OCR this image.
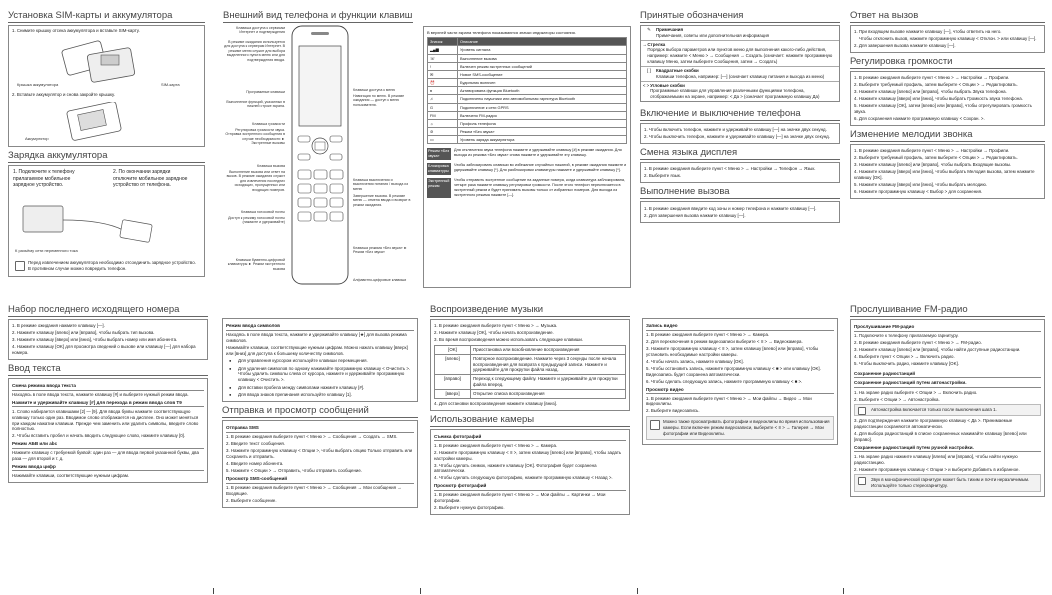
Установка SIM-карты и аккумулятора
1. Снимите крышку отсека аккумулятора и вставьте SIM-карту.
Крышка аккумулятора	SIM-карта
2. Вставьте аккумулятор и снова закройте крышку.
Аккумулятор
Зарядка аккумулятора
1. Подключите к телефону прилагаемое мобильное зарядное устройство.
2. По окончании зарядки отключите мобильное зарядное устройство от телефона.
К разъёму сети переменного тока
Перед извлечением аккумулятора необходимо отсоединить зарядное устройство. В противном случае можно повредить телефон.
Внешний вид телефона и функции клавиш
Клавиша доступа к сервисам Интернет и подтверждения
В режиме ожидания используется для доступа к серверам Интернет. В режиме меню служит для выбора выделенного пункта меню или для подтверждения ввода.
Программные клавиши
Выполнение функций, указанных в нижней строке экрана.
Клавиша громкости
Регулировка громкости звука. Отправка экстренного сообщения в случае необходимости ► Экстренные вызовы
Клавиша вызова
Выполнение вызова или ответ на вызов. В режиме ожидания служит для извлечения последних исходящих, пропущенных или входящих номеров.
Клавиша голосовой почты
Доступ к режиму голосовой почты (нажмите и удерживайте)
Клавиши буквенно-цифровой клавиатуры ► Режим экстренного вызова
Клавиши доступа к меню
Навигация по меню. В режиме ожидания — доступ к меню пользователя.
Клавиша выключения и выключения питания / выхода из меню
Завершение вызова. В режиме меню — отмена ввода и возврат в режим ожидания.
Клавиша режима «Без звука» ► Режим «Без звука»
Алфавитно-цифровые клавиши
В верхней части экрана телефона показываются значки индикаторы состояния.
Значок	Описание
▂▄▆	Уровень сигнала
☏	Выполнение вызова
!	Включен режим экстренных сообщений
✉	Новое SMS-сообщение
⏰	Будильник включен
ʙ	Активирована функция Bluetooth
♫	Подключены наушники или автомобильная гарнитура Bluetooth
G	Подключение к сети GPRS
FM	Включено FM-радио
☼	Профиль телефона
⊘	Режим «Без звука»
▭	Уровень заряда аккумулятора
Режим «Без звука»
Для отключения звука телефона нажмите и удерживайте клавишу [#] в режиме ожидания. Для выхода из режима «Без звука» снова нажмите и удерживайте эту клавишу.
Блокировка клавиатуры
Чтобы заблокировать клавиши во избежание случайных нажатий, в режиме ожидания нажмите и удерживайте клавишу [*]. Для разблокировки клавиатуры нажмите и удерживайте клавишу [*].
Экстренный режим
Чтобы отправить экстренное сообщение на заданные номера, когда клавиатура заблокирована, четыре раза нажмите клавишу регулировки громкости. После этого телефон переключается в экстренный режим и будет принимать вызовы только от избранных номеров. Для выхода из экстренного режима нажмите [—].
Принятые обозначения
✎	Примечания
Примечания, советы или дополнительная информация
→ Стрелка
Порядок выбора параметров или пунктов меню для выполнения какого-либо действия, например: нажмите < Меню > → Сообщения → Создать (означает: нажмите программную клавишу Меню, затем выберите Сообщения, затем → Создать)
[ ]	Квадратные скобки
Клавиши телефона, например: [—] (означает клавишу питания и выхода из меню)
< > Угловые скобки
Программные клавиши для управления различными функциями телефона, отображаемыми на экране, например: < Да > (означает программную клавишу Да)
Включение и выключение телефона
1. Чтобы включить телефон, нажмите и удерживайте клавишу [—] на значке двух секунд.
2. Чтобы выключить телефон, нажмите и удерживайте клавишу [—] на значке двух секунд.
Смена языка дисплея
1. В режиме ожидания выберите пункт < Меню > → Настройки → Телефон → Язык.
2. Выберите язык.
Выполнение вызова
1. В режиме ожидания введите код зоны и номер телефона и нажмите клавишу [—].
2. Для завершения вызова нажмите клавишу [—].
Ответ на вызов
1. При входящем вызове нажмите клавишу [—], чтобы ответить на него.
Чтобы отклонить вызов, нажмите программную клавишу < Отклон. > или клавишу [—].
2. Для завершения вызова нажмите клавишу [—].
Регулировка громкости
1. В режиме ожидания выберите пункт < Меню > → Настройки → Профили.
2. Выберите требуемый профиль, затем выберите < Опции > → Редактировать.
3. Нажмите клавишу [влево] или [вправо], чтобы выбрать Звука телефона.
4. Нажмите клавишу [вверх] или [вниз], чтобы выбрать Громкость звука телефона.
5. Нажмите клавишу [OK], затем [влево] или [вправо], чтобы отрегулировать громкость звука.
6. Для сохранения нажмите программную клавишу < Сохран. >.
Изменение мелодии звонка
1. В режиме ожидания выберите пункт < Меню > → Настройки → Профили.
2. Выберите требуемый профиль, затем выберите < Опции > → Редактировать.
3. Нажмите клавишу [влево] или [вправо], чтобы выбрать Входящие вызовы.
4. Нажмите клавишу [вверх] или [вниз], чтобы выбрать Мелодия вызова, затем нажмите клавишу [OK].
5. Нажмите клавишу [вверх] или [вниз], чтобы выбрать мелодию.
6. Нажмите программную клавишу < Выбор > для сохранения.
Набор последнего исходящего номера
1. В режиме ожидания нажмите клавишу [—].
2. Нажмите клавишу [влево] или [вправо], чтобы выбрать тип вызова.
3. Нажмите клавишу [вверх] или [вниз], чтобы выбрать номер или имя абонента.
4. Нажмите клавишу [OK] для просмотра сведений о вызове или клавишу [—] для набора номера.
Ввод текста
Смена режима ввода текста
Находясь в поле ввода текста, нажмите клавишу [#] и выберите нужный режим ввода.
Нажмите и удерживайте клавишу [#] для перехода в режим ввода слов T9
1. Слово набирается клавишами [2] — [9]. Для ввода буквы нажмите соответствующую клавишу только один раз. Вводимое слово отображается на дисплее. Оно может меняться при каждом нажатии клавиши. Прежде чем заменить или удалить символы, введите слово полностью.
2. Чтобы вставить пробел и начать вводить следующее слово, нажмите клавишу [0].
Режим АБВ или abc
Нажмите клавишу с требуемой буквой: один раз — для ввода первой указанной буквы, два раза — для второй и т. д.
Режим ввода цифр
Нажимайте клавиши, соответствующие нужным цифрам.
Режим ввода символов
Находясь в поле ввода текста, нажмите и удерживайте клавишу [★] для вызова режима символов.
Нажимайте клавиши, соответствующие нужным цифрам. Можно нажать клавишу [вверх] или [вниз] для доступа к большему количеству символов.
● Для управления курсором используйте клавиши перемещения.
● Для удаления символов по одному нажимайте программную клавишу < Очистить >. Чтобы удалить символы слева от курсора, нажмите и удерживайте программную клавишу < Очистить >.
● Для вставки пробела между символами нажмите клавишу [#].
● Для ввода знаков препинания используйте клавишу [1].
Отправка и просмотр сообщений
Отправка SMS
1. В режиме ожидания выберите пункт < Меню > → Сообщения → Создать → SMS.
2. Введите текст сообщения.
3. Нажмите программную клавишу < Опции >, чтобы выбрать опцию Только отправить или Сохранить и отправить.
4. Введите номер абонента.
5. Нажмите < Опции > → Отправить, чтобы отправить сообщение.
Просмотр SMS-сообщений
1. В режиме ожидания выберите пункт < Меню > → Сообщения → Мои сообщения → Входящие.
2. Выберите сообщение.
Воспроизведение музыки
1. В режиме ожидания выберите пункт < Меню > → Музыка.
2. Нажмите клавишу [OK], чтобы начать воспроизведение.
3. Во время воспроизведения можно использовать следующие клавиши.
[OK]	Приостановка или возобновление воспроизведения
[влево]	Повторное воспроизведение. Нажмите через 3 секунды после начала воспроизведения для возврата к предыдущей записи. Нажмите и удерживайте для прокрутки файла назад.
[вправо]	Переход к следующему файлу. Нажмите и удерживайте для прокрутки файла вперед.
[вверх]	Открытие списка воспроизведения
4. Для остановки воспроизведения нажмите клавишу [вниз].
Использование камеры
Съемка фотографий
1. В режиме ожидания выберите пункт < Меню > → Камера.
2. Нажмите программную клавишу < ≡ >, затем клавишу [влево] или [вправо], чтобы задать настройки камеры.
3. Чтобы сделать снимок, нажмите клавишу [OK]. Фотография будет сохранена автоматически.
4. Чтобы сделать следующую фотографию, нажмите программную клавишу < Назад >.
Просмотр фотографий
1. В режиме ожидания выберите пункт < Меню > → Мои файлы → Картинки → Мои фотографии.
2. Выберите нужную фотографию.
Запись видео
1. В режиме ожидания выберите пункт < Меню > → Камера.
2. Для переключения в режим видеозаписи выберите < ≡ > → Видеокамера.
3. Нажмите программную клавишу < ≡ >, затем клавишу [влево] или [вправо], чтобы установить необходимые настройки камеры.
4. Чтобы начать запись, нажмите клавишу [OK].
5. Чтобы остановить запись, нажмите программную клавишу < ■ > или клавишу [OK]. Видеозапись будет сохранена автоматически.
6. Чтобы сделать следующую запись, нажмите программную клавишу < ■ >.
Просмотр видео
1. В режиме ожидания выберите пункт < Меню > → Мои файлы → Видео → Мои видеоклипы.
2. Выберите видеозапись.
Можно также просматривать фотографии и видеоклипы во время использования камеры. Если включен режим видеозаписи, выберите < ≡ > → Галерея → Мои фотографии или Видеоклипы.
Прослушивание FM-радио
Прослушивание FM-радио
1. Подключите к телефону прилагаемую гарнитуру.
2. В режиме ожидания выберите пункт < Меню > → FM-радио.
3. Нажмите клавишу [влево] или [вправо], чтобы найти доступные радиостанции.
4. Выберите пункт < Опции > → Включить радио.
5. Чтобы выключить радио, нажмите клавишу [OK].
Сохранение радиостанций
Сохранение радиостанций путем автонастройки.
1. На экране радио выберите < Опции > → Включить радио.
2. Выберите < Опции > → Автонастройка.
Автонастройка включается только после выключения шага 1.
3. Для подтверждения нажмите программную клавишу < Да >. Принимаемые радиостанции сохраняются автоматически.
4. Для выбора радиостанций в списке сохраненных нажимайте клавишу [влево] или [вправо].
Сохранение радиостанций путем ручной настройки.
1. На экране радио нажмите клавишу [влево] или [вправо], чтобы найти нужную радиостанцию.
2. Нажмите программную клавишу < Опции > и выберите Добавить в избранное.
Звук в монофонической гарнитуре может быть тихим и почти неразличимым. Используйте только стереогарнитуру.
